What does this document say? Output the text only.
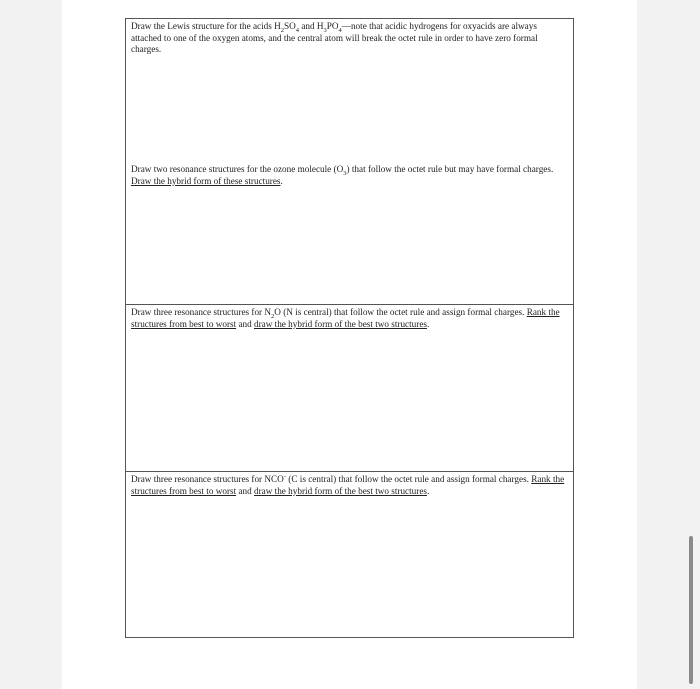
Draw the Lewis structure for the acids $H_2SO_4$ and $H_3PO_4—note$ that acidic hydrogens for oxyacids are always attached to one of the oxygen atoms, and the central atom will break the octet rule in order to have zero formal charges.
Draw two resonance structures for the ozone molecule $(O_3)$ that follow the octet rule but may have formal charges. Draw the hybrid form of these structures.
Draw three resonance structures for $N_2O$ (N is central) that follow the octet rule and assign formal charges. Rank the structures from best to worst and draw the hybrid form of the best two structures.
Draw three resonance structures for NCO- (C is central) that follow the octet rule and assign formal charges. Rank the structures from best to worst and draw the hybrid form of the best two structures.
